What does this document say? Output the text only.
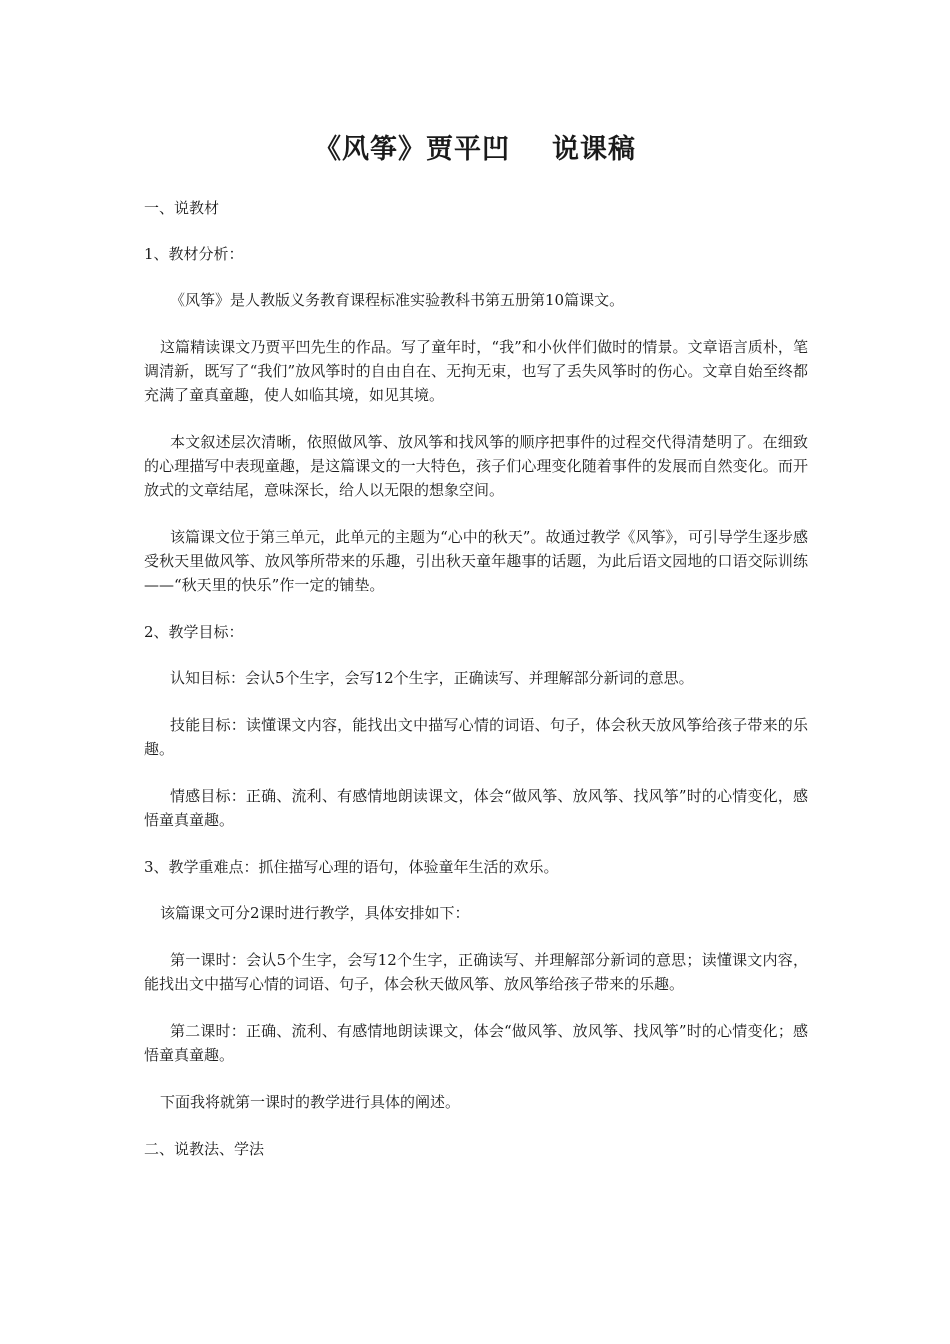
《风筝》贾平凹 说课稿

一、说教材

1、教材分析：

《风筝》是人教版义务教育课程标准实验教科书第五册第10篇课文。

这篇精读课文乃贾平凹先生的作品。写了童年时，“我”和小伙伴们做时的情景。文章语言质朴，笔调清新，既写了“我们”放风筝时的自由自在、无拘无束，也写了丢失风筝时的伤心。文章自始至终都充满了童真童趣，使人如临其境，如见其境。

本文叙述层次清晰，依照做风筝、放风筝和找风筝的顺序把事件的过程交代得清楚明了。在细致的心理描写中表现童趣，是这篇课文的一大特色，孩子们心理变化随着事件的发展而自然变化。而开放式的文章结尾，意味深长，给人以无限的想象空间。

该篇课文位于第三单元，此单元的主题为“心中的秋天”。故通过教学《风筝》，可引导学生逐步感受秋天里做风筝、放风筝所带来的乐趣，引出秋天童年趣事的话题，为此后语文园地的口语交际训练——“秋天里的快乐”作一定的铺垫。

2、教学目标：

认知目标：会认5个生字，会写12个生字，正确读写、并理解部分新词的意思。

技能目标：读懂课文内容，能找出文中描写心情的词语、句子，体会秋天放风筝给孩子带来的乐趣。

情感目标：正确、流利、有感情地朗读课文，体会“做风筝、放风筝、找风筝”时的心情变化，感悟童真童趣。

3、教学重难点：抓住描写心理的语句，体验童年生活的欢乐。

该篇课文可分2课时进行教学，具体安排如下：

第一课时：会认5个生字，会写12个生字，正确读写、并理解部分新词的意思；读懂课文内容，能找出文中描写心情的词语、句子，体会秋天做风筝、放风筝给孩子带来的乐趣。

第二课时：正确、流利、有感情地朗读课文，体会“做风筝、放风筝、找风筝”时的心情变化；感悟童真童趣。

下面我将就第一课时的教学进行具体的阐述。

二、说教法、学法
